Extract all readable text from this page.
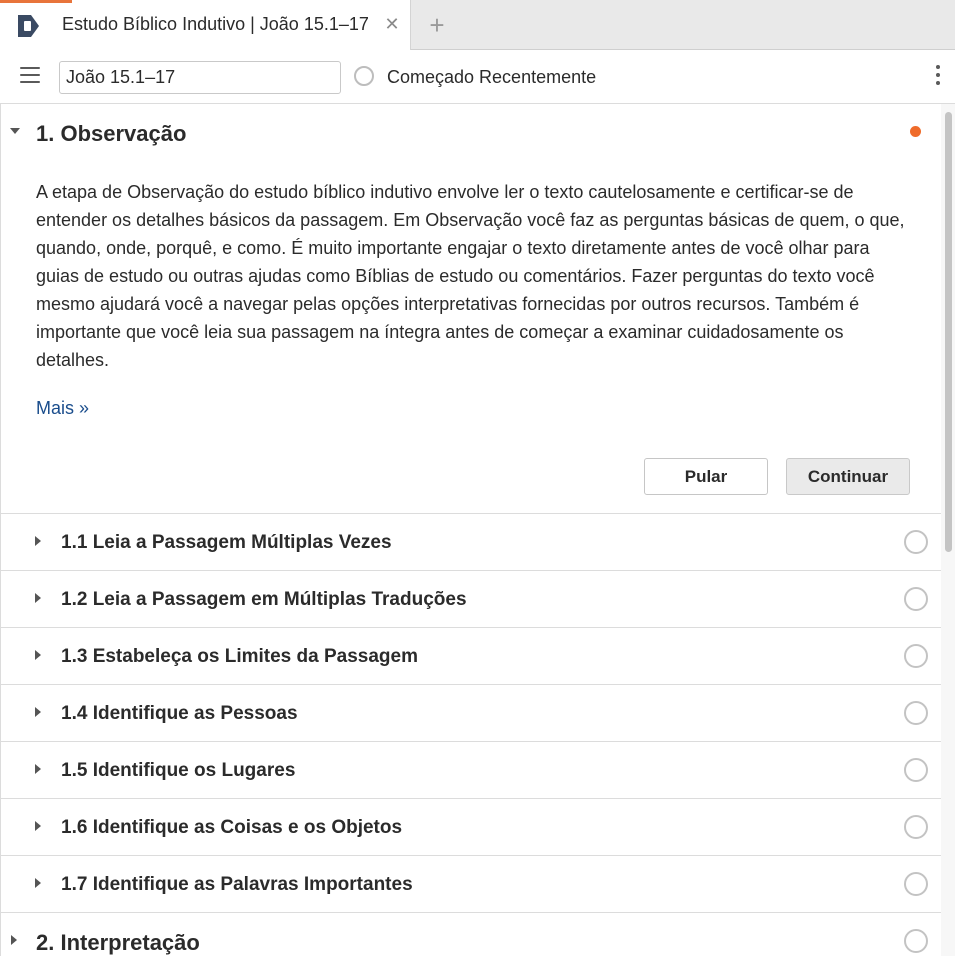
Estudo Bíblico Indutivo | João 15.1–17 ✕ +
João 15.1–17
Começado Recentemente
1. Observação

A etapa de Observação do estudo bíblico indutivo envolve ler o texto cautelosamente e certificar-se de entender os detalhes básicos da passagem. Em Observação você faz as perguntas básicas de quem, o que, quando, onde, porquê, e como. É muito importante engajar o texto diretamente antes de você olhar para guias de estudo ou outras ajudas como Bíblias de estudo ou comentários. Fazer perguntas do texto você mesmo ajudará você a navegar pelas opções interpretativas fornecidas por outros recursos. Também é importante que você leia sua passagem na íntegra antes de começar a examinar cuidadosamente os detalhes.

Mais »
Pular	Continuar
1.1 Leia a Passagem Múltiplas Vezes
1.2 Leia a Passagem em Múltiplas Traduções
1.3 Estabeleça os Limites da Passagem
1.4 Identifique as Pessoas
1.5 Identifique os Lugares
1.6 Identifique as Coisas e os Objetos
1.7 Identifique as Palavras Importantes
2. Interpretação
